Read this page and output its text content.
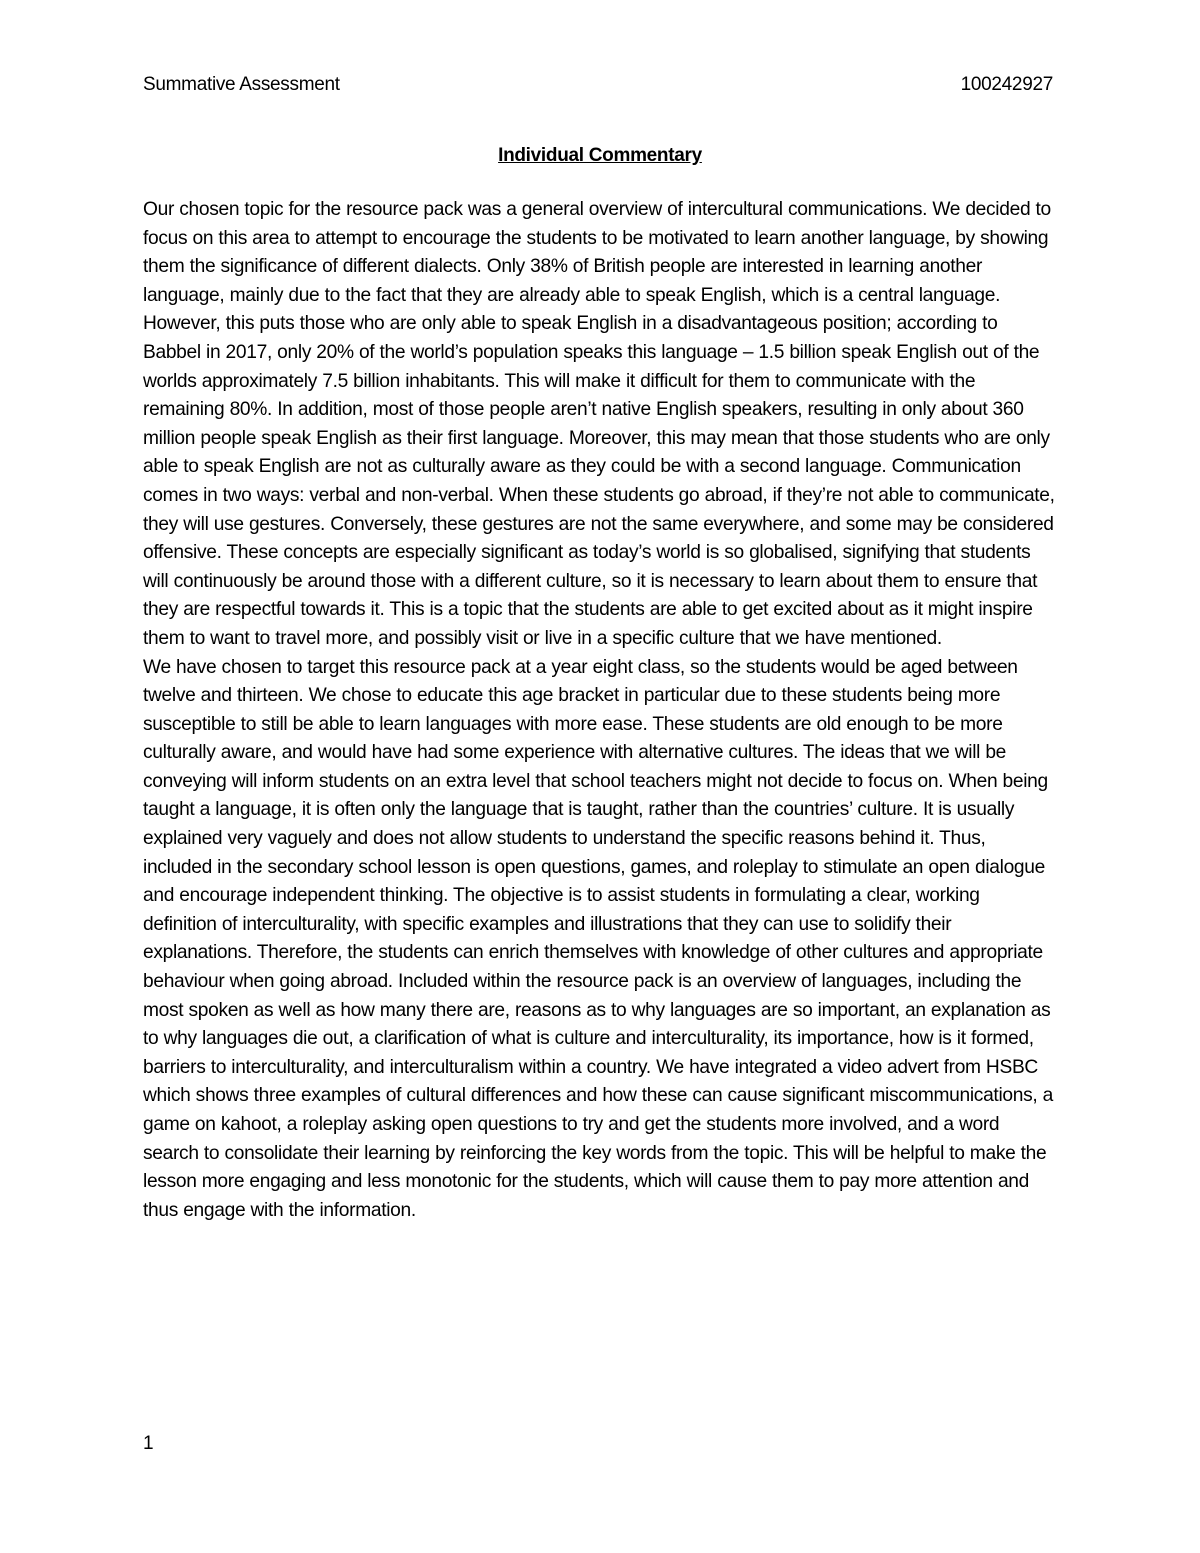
Summative Assessment	100242927
Individual Commentary

Our chosen topic for the resource pack was a general overview of intercultural communications. We decided to focus on this area to attempt to encourage the students to be motivated to learn another language, by showing them the significance of different dialects. Only 38% of British people are interested in learning another language, mainly due to the fact that they are already able to speak English, which is a central language. However, this puts those who are only able to speak English in a disadvantageous position; according to Babbel in 2017, only 20% of the world’s population speaks this language – 1.5 billion speak English out of the worlds approximately 7.5 billion inhabitants. This will make it difficult for them to communicate with the remaining 80%. In addition, most of those people aren’t native English speakers, resulting in only about 360 million people speak English as their first language. Moreover, this may mean that those students who are only able to speak English are not as culturally aware as they could be with a second language. Communication comes in two ways: verbal and non-verbal. When these students go abroad, if they’re not able to communicate, they will use gestures. Conversely, these gestures are not the same everywhere, and some may be considered offensive. These concepts are especially significant as today’s world is so globalised, signifying that students will continuously be around those with a different culture, so it is necessary to learn about them to ensure that they are respectful towards it. This is a topic that the students are able to get excited about as it might inspire them to want to travel more, and possibly visit or live in a specific culture that we have mentioned.

We have chosen to target this resource pack at a year eight class, so the students would be aged between twelve and thirteen. We chose to educate this age bracket in particular due to these students being more susceptible to still be able to learn languages with more ease. These students are old enough to be more culturally aware, and would have had some experience with alternative cultures. The ideas that we will be conveying will inform students on an extra level that school teachers might not decide to focus on. When being taught a language, it is often only the language that is taught, rather than the countries’ culture. It is usually explained very vaguely and does not allow students to understand the specific reasons behind it. Thus, included in the secondary school lesson is open questions, games, and roleplay to stimulate an open dialogue and encourage independent thinking. The objective is to assist students in formulating a clear, working definition of interculturality, with specific examples and illustrations that they can use to solidify their explanations. Therefore, the students can enrich themselves with knowledge of other cultures and appropriate behaviour when going abroad. Included within the resource pack is an overview of languages, including the most spoken as well as how many there are, reasons as to why languages are so important, an explanation as to why languages die out, a clarification of what is culture and interculturality, its importance, how is it formed, barriers to interculturality, and interculturalism within a country. We have integrated a video advert from HSBC which shows three examples of cultural differences and how these can cause significant miscommunications, a game on kahoot, a roleplay asking open questions to try and get the students more involved, and a word search to consolidate their learning by reinforcing the key words from the topic. This will be helpful to make the lesson more engaging and less monotonic for the students, which will cause them to pay more attention and thus engage with the information.

1
